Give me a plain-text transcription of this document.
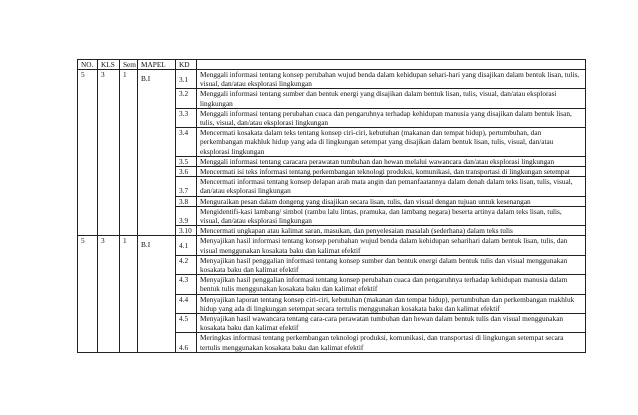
NO.	KLS	Sem	MAPEL	KD	
5	3	1	B.I	3.1	Menggali informasi tentang konsep perubahan wujud benda dalam kehidupan sehari-hari yang disajikan dalam bentuk lisan, tulis, visual, dan/atau eksplorasi lingkungan
				3.2	Menggali informasi tentang sumber dan bentuk energi yang disajikan dalam bentuk lisan, tulis, visual, dan/atau eksplorasi lingkungan
				3.3	Menggali informasi tentang perubahan cuaca dan pengaruhnya terhadap kehidupan manusia yang disajikan dalam bentuk lisan, tulis, visual, dan/atau eksplorasi lingkungan
				3.4	Mencermati kosakata dalam teks tentang konsep ciri-ciri, kebutuhan (makanan dan tempat hidup), pertumbuhan, dan perkembangan makhluk hidup yang ada di lingkungan setempat yang disajikan dalam bentuk lisan, tulis, visual, dan/atau eksplorasi lingkungan
				3.5	Menggali informasi tentang caracara perawatan tumbuhan dan hewan melalui wawancara dan/atau eksplorasi lingkungan
				3.6	Mencermati isi teks informasi tentang perkembangan teknologi produksi, komunikasi, dan transportasi di lingkungan setempat
				3.7	Mencermati informasi tentang konsep delapan arah mata angin dan pemanfaatannya dalam denah dalam teks lisan, tulis, visual, dan/atau eksplorasi lingkungan
				3.8	Menguraikan pesan dalam dongeng yang disajikan secara lisan, tulis, dan visual dengan tujuan untuk kesenangan
				3.9	Mengidentifi-kasi lambang/ simbol (rambu lalu lintas, pramuka, dan lambang negara) beserta artinya dalam teks lisan, tulis, visual, dan/atau eksplorasi lingkungan
				3.10	Mencermati ungkapan atau kalimat saran, masukan, dan penyelesaian masalah (sederhana) dalam teks tulis
5	3	1	B.I	4.1	Menyajikan hasil informasi tentang konsep perubahan wujud benda dalam kehidupan seharihari dalam bentuk lisan, tulis, dan visual menggunakan kosakata baku dan kalimat efektif
				4.2	Menyajikan hasil penggalian informasi tentang konsep sumber dan bentuk energi dalam bentuk tulis dan visual menggunakan kosakata baku dan kalimat efektif
				4.3	Menyajikan hasil penggalian informasi tentang konsep perubahan cuaca dan pengaruhnya terhadap kehidupan manusia dalam bentuk tulis menggunakan kosakata baku dan kalimat efektif
				4.4	Menyajikan laporan tentang konsep ciri-ciri, kebutuhan (makanan dan tempat hidup), pertumbuhan dan perkembangan makhluk hidup yang ada di lingkungan setempat secara tertulis menggunakan kosakata baku dan kalimat efektif
				4.5	Menyajikan hasil wawancara tentang cara-cara perawatan tumbuhan dan hewan dalam bentuk tulis dan visual menggunakan kosakata baku dan kalimat efektif
				4.6	Meringkas informasi tentang perkembangan teknologi produksi, komunikasi, dan transportasi di lingkungan setempat secara tertulis menggunakan kosakata baku dan kalimat efektif
